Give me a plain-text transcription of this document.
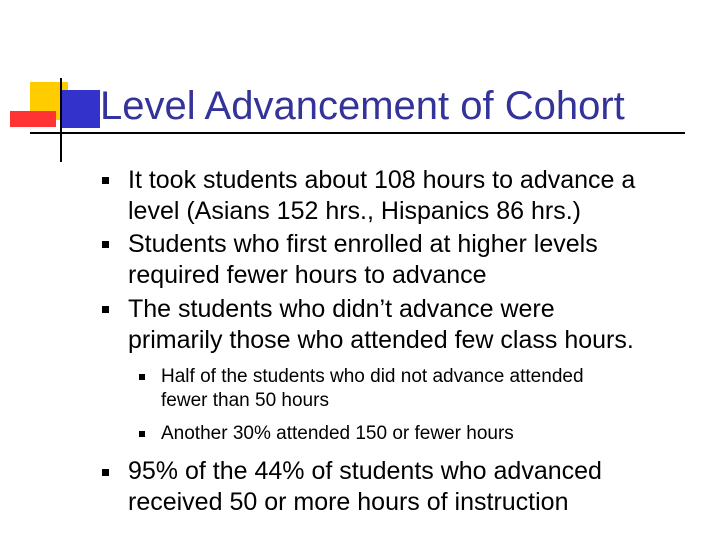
Level Advancement of Cohort

It took students about 108 hours to advance a
level (Asians 152 hrs., Hispanics 86 hrs.)

Students who first enrolled at higher levels
required fewer hours to advance

The students who didn’t advance were
primarily those who attended few class hours.

Half of the students who did not advance attended
fewer than 50 hours

Another 30% attended 150 or fewer hours

95% of the 44% of students who advanced
received 50 or more hours of instruction
